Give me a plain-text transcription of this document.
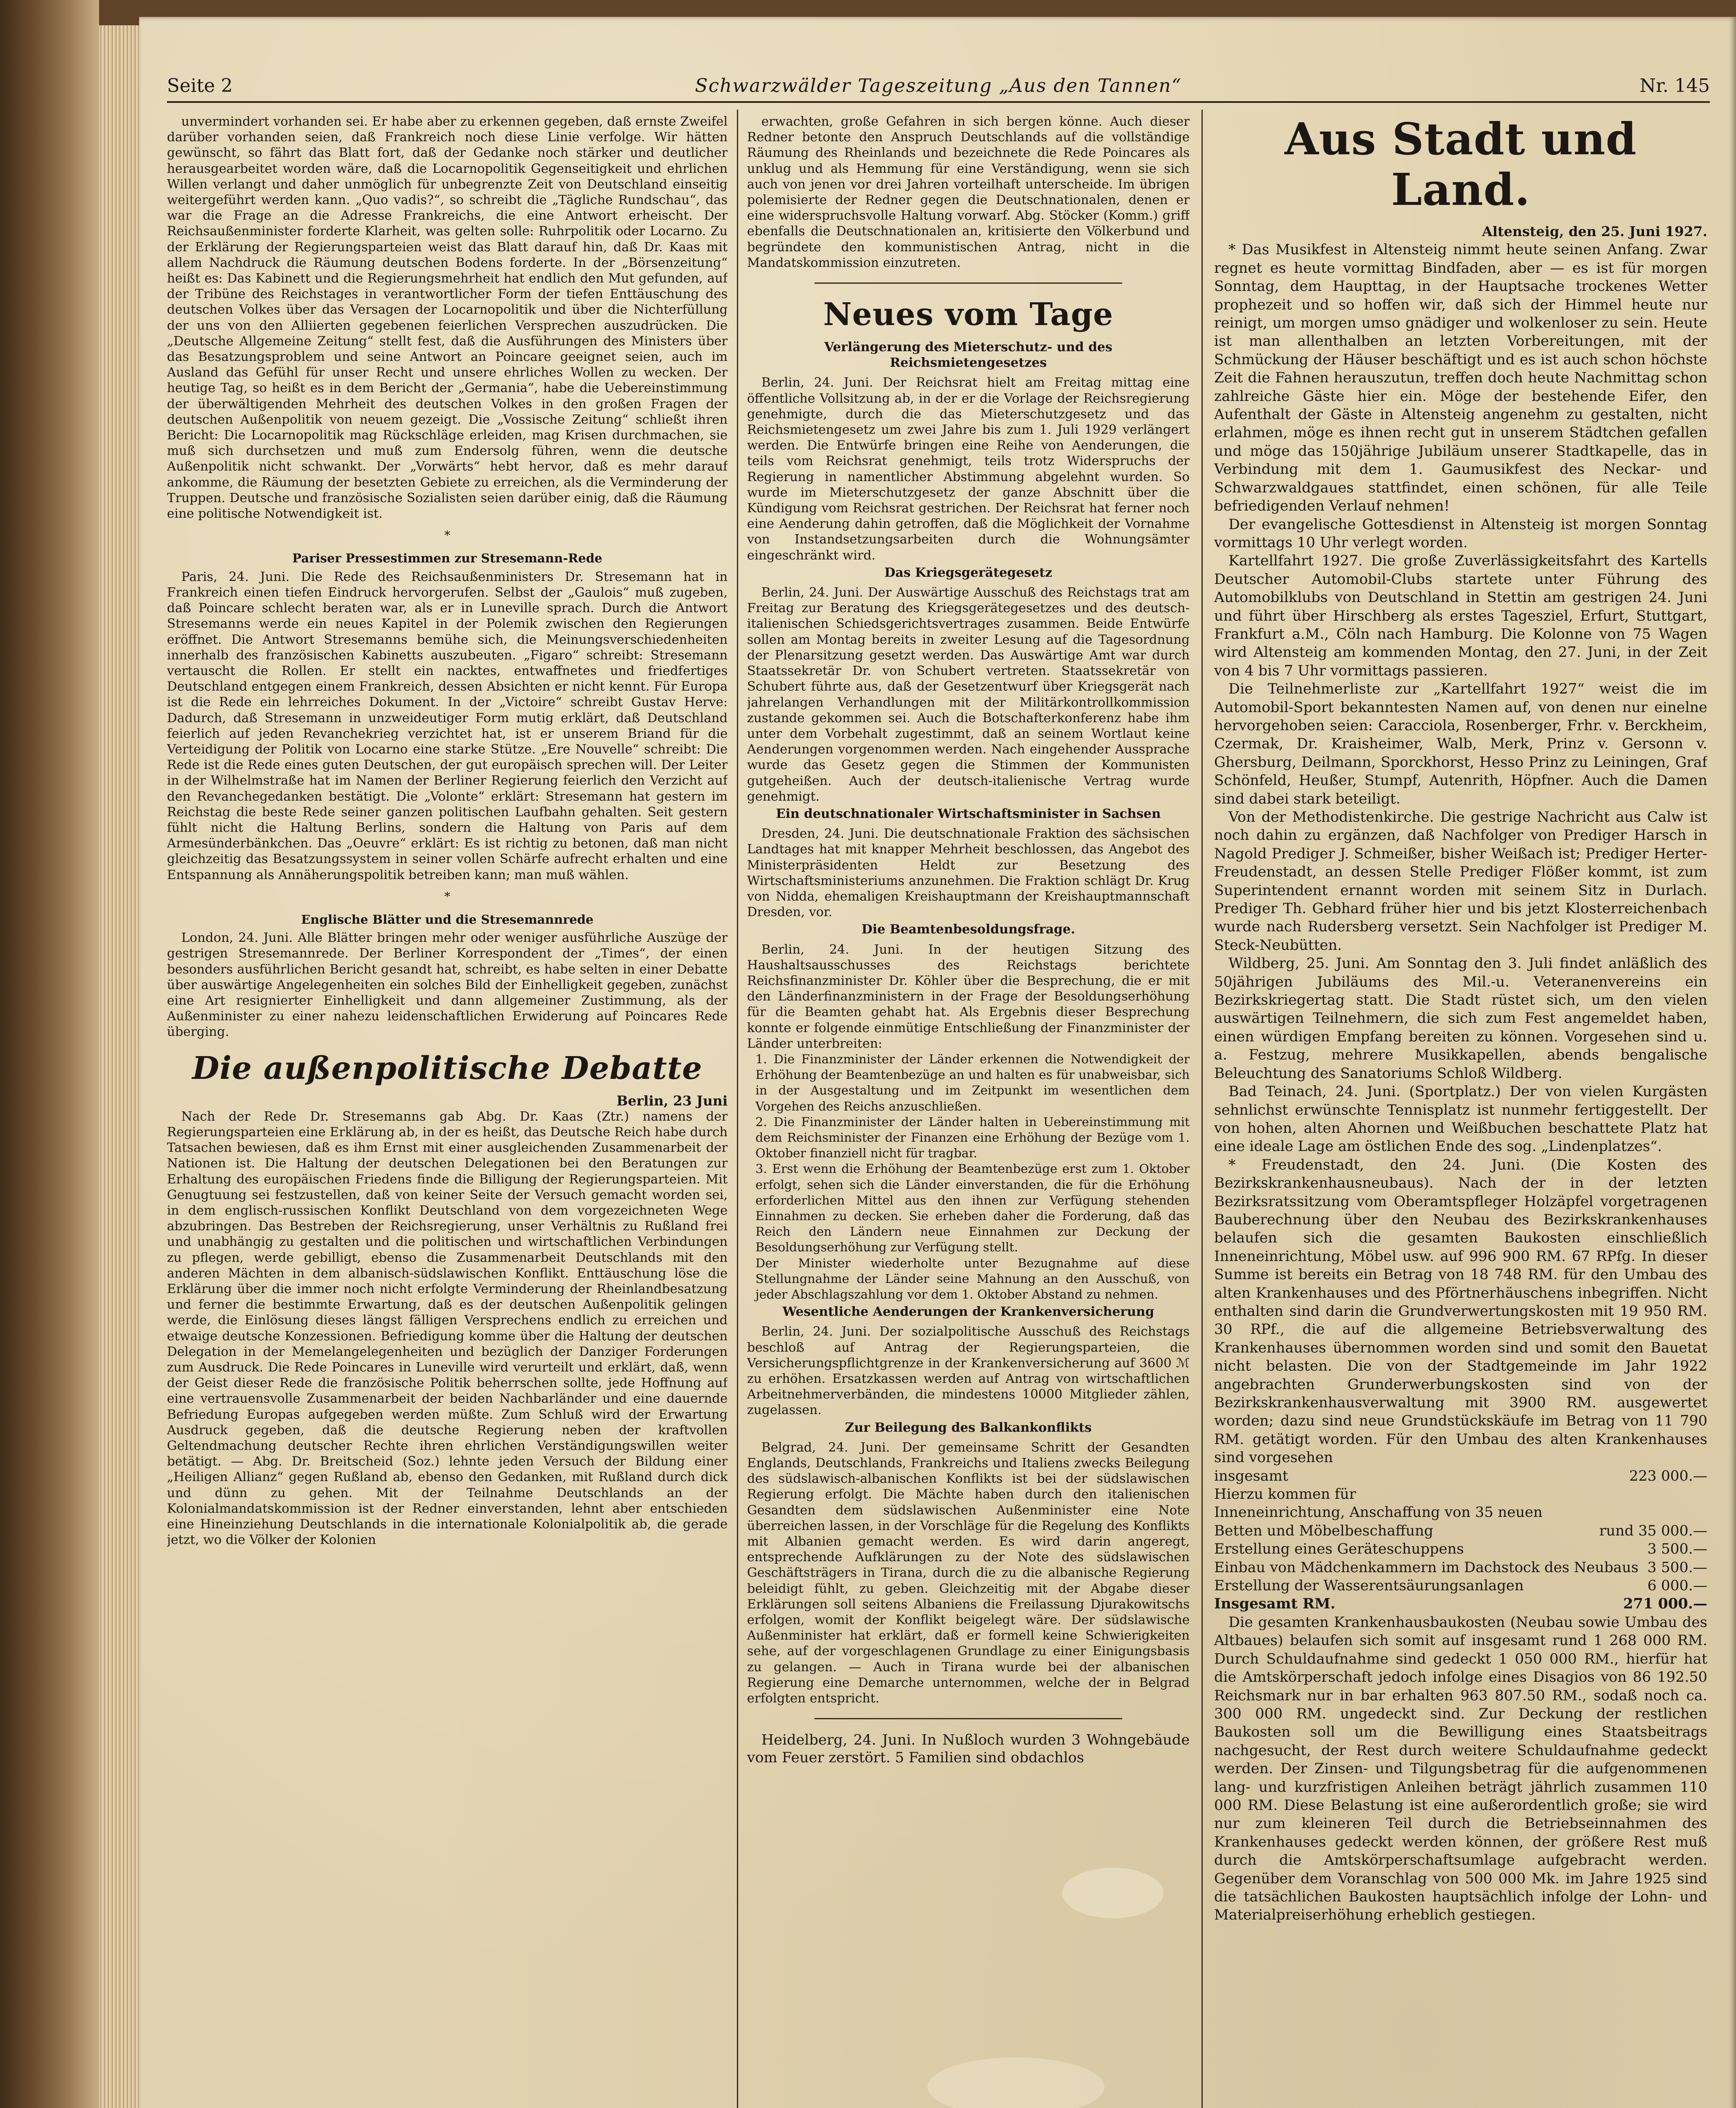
Seite 2	Schwarzwälder Tageszeitung „Aus den Tannen“	Nr. 145

unvermindert vorhanden sei. Er habe aber zu erkennen gegeben, daß ernste Zweifel darüber vorhanden seien, daß Frankreich noch diese Linie verfolge. Wir hätten gewünscht, so fährt das Blatt fort, daß der Gedanke noch stärker und deutlicher herausgearbeitet worden wäre, daß die Locarnopolitik Gegenseitigkeit und ehrlichen Willen verlangt und daher unmöglich für unbegrenzte Zeit von Deutschland einseitig weitergeführt werden kann. „Quo vadis?“, so schreibt die „Tägliche Rundschau“, das war die Frage an die Adresse Frankreichs, die eine Antwort erheischt. Der Reichsaußenminister forderte Klarheit, was gelten solle: Ruhrpolitik oder Locarno. Zu der Erklärung der Regierungsparteien weist das Blatt darauf hin, daß Dr. Kaas mit allem Nachdruck die Räumung deutschen Bodens forderte. In der „Börsenzeitung“ heißt es: Das Kabinett und die Regierungsmehrheit hat endlich den Mut gefunden, auf der Tribüne des Reichstages in verantwortlicher Form der tiefen Enttäuschung des deutschen Volkes über das Versagen der Locarnopolitik und über die Nichterfüllung der uns von den Alliierten gegebenen feierlichen Versprechen auszudrücken. Die „Deutsche Allgemeine Zeitung“ stellt fest, daß die Ausführungen des Ministers über das Besatzungsproblem und seine Antwort an Poincare geeignet seien, auch im Ausland das Gefühl für unser Recht und unsere ehrliches Wollen zu wecken. Der heutige Tag, so heißt es in dem Bericht der „Germania“, habe die Uebereinstimmung der überwältigenden Mehrheit des deutschen Volkes in den großen Fragen der deutschen Außenpolitik von neuem gezeigt. Die „Vossische Zeitung“ schließt ihren Bericht: Die Locarnopolitik mag Rückschläge erleiden, mag Krisen durchmachen, sie muß sich durchsetzen und muß zum Endersolg führen, wenn die deutsche Außenpolitik nicht schwankt. Der „Vorwärts“ hebt hervor, daß es mehr darauf ankomme, die Räumung der besetzten Gebiete zu erreichen, als die Verminderung der Truppen. Deutsche und französische Sozialisten seien darüber einig, daß die Räumung eine politische Notwendigkeit ist.

*
Pariser Pressestimmen zur Stresemann-Rede

Paris, 24. Juni. Die Rede des Reichsaußenministers Dr. Stresemann hat in Frankreich einen tiefen Eindruck hervorgerufen. Selbst der „Gaulois“ muß zugeben, daß Poincare schlecht beraten war, als er in Luneville sprach. Durch die Antwort Stresemanns werde ein neues Kapitel in der Polemik zwischen den Regierungen eröffnet. Die Antwort Stresemanns bemühe sich, die Meinungsverschiedenheiten innerhalb des französischen Kabinetts auszubeuten. „Figaro“ schreibt: Stresemann vertauscht die Rollen. Er stellt ein nacktes, entwaffnetes und friedfertiges Deutschland entgegen einem Frankreich, dessen Absichten er nicht kennt. Für Europa ist die Rede ein lehrreiches Dokument. In der „Victoire“ schreibt Gustav Herve: Dadurch, daß Stresemann in unzweideutiger Form mutig erklärt, daß Deutschland feierlich auf jeden Revanchekrieg verzichtet hat, ist er unserem Briand für die Verteidigung der Politik von Locarno eine starke Stütze. „Ere Nouvelle“ schreibt: Die Rede ist die Rede eines guten Deutschen, der gut europäisch sprechen will. Der Leiter in der Wilhelmstraße hat im Namen der Berliner Regierung feierlich den Verzicht auf den Revanchegedanken bestätigt. Die „Volonte“ erklärt: Stresemann hat gestern im Reichstag die beste Rede seiner ganzen politischen Laufbahn gehalten. Seit gestern fühlt nicht die Haltung Berlins, sondern die Haltung von Paris auf dem Armesünderbänkchen. Das „Oeuvre“ erklärt: Es ist richtig zu betonen, daß man nicht gleichzeitig das Besatzungssystem in seiner vollen Schärfe aufrecht erhalten und eine Entspannung als Annäherungspolitik betreiben kann; man muß wählen.

*
Englische Blätter und die Stresemannrede

London, 24. Juni. Alle Blätter bringen mehr oder weniger ausführliche Auszüge der gestrigen Stresemannrede. Der Berliner Korrespondent der „Times“, der einen besonders ausführlichen Bericht gesandt hat, schreibt, es habe selten in einer Debatte über auswärtige Angelegenheiten ein solches Bild der Einhelligkeit gegeben, zunächst eine Art resignierter Einhelligkeit und dann allgemeiner Zustimmung, als der Außenminister zu einer nahezu leidenschaftlichen Erwiderung auf Poincares Rede überging.

Die außenpolitische Debatte
Berlin, 23 Juni

Nach der Rede Dr. Stresemanns gab Abg. Dr. Kaas (Ztr.) namens der Regierungsparteien eine Erklärung ab, in der es heißt, das Deutsche Reich habe durch Tatsachen bewiesen, daß es ihm Ernst mit einer ausgleichenden Zusammenarbeit der Nationen ist. Die Haltung der deutschen Delegationen bei den Beratungen zur Erhaltung des europäischen Friedens finde die Billigung der Regierungsparteien. Mit Genugtuung sei festzustellen, daß von keiner Seite der Versuch gemacht worden sei, in dem englisch-russischen Konflikt Deutschland von dem vorgezeichneten Wege abzubringen. Das Bestreben der Reichsregierung, unser Verhältnis zu Rußland frei und unabhängig zu gestalten und die politischen und wirtschaftlichen Verbindungen zu pflegen, werde gebilligt, ebenso die Zusammenarbeit Deutschlands mit den anderen Mächten in dem albanisch-südslawischen Konflikt. Enttäuschung löse die Erklärung über die immer noch nicht erfolgte Verminderung der Rheinlandbesatzung und ferner die bestimmte Erwartung, daß es der deutschen Außenpolitik gelingen werde, die Einlösung dieses längst fälligen Versprechens endlich zu erreichen und etwaige deutsche Konzessionen. Befriedigung komme über die Haltung der deutschen Delegation in der Memelangelegenheiten und bezüglich der Danziger Forderungen zum Ausdruck. Die Rede Poincares in Luneville wird verurteilt und erklärt, daß, wenn der Geist dieser Rede die französische Politik beherrschen sollte, jede Hoffnung auf eine vertrauensvolle Zusammenarbeit der beiden Nachbarländer und eine dauernde Befriedung Europas aufgegeben werden müßte. Zum Schluß wird der Erwartung Ausdruck gegeben, daß die deutsche Regierung neben der kraftvollen Geltendmachung deutscher Rechte ihren ehrlichen Verständigungswillen weiter betätigt. — Abg. Dr. Breitscheid (Soz.) lehnte jeden Versuch der Bildung einer „Heiligen Allianz“ gegen Rußland ab, ebenso den Gedanken, mit Rußland durch dick und dünn zu gehen. Mit der Teilnahme Deutschlands an der Kolonialmandatskommission ist der Redner einverstanden, lehnt aber entschieden eine Hineinziehung Deutschlands in die internationale Kolonialpolitik ab, die gerade jetzt, wo die Völker der Kolonien

erwachten, große Gefahren in sich bergen könne. Auch dieser Redner betonte den Anspruch Deutschlands auf die vollständige Räumung des Rheinlands und bezeichnete die Rede Poincares als unklug und als Hemmung für eine Verständigung, wenn sie sich auch von jenen vor drei Jahren vorteilhaft unterscheide. Im übrigen polemisierte der Redner gegen die Deutschnationalen, denen er eine widerspruchsvolle Haltung vorwarf. Abg. Stöcker (Komm.) griff ebenfalls die Deutschnationalen an, kritisierte den Völkerbund und begründete den kommunistischen Antrag, nicht in die Mandatskommission einzutreten.

Neues vom Tage
Verlängerung des Mieterschutz- und des Reichsmietengesetzes

Berlin, 24. Juni. Der Reichsrat hielt am Freitag mittag eine öffentliche Vollsitzung ab, in der er die Vorlage der Reichsregierung genehmigte, durch die das Mieterschutzgesetz und das Reichsmietengesetz um zwei Jahre bis zum 1. Juli 1929 verlängert werden. Die Entwürfe bringen eine Reihe von Aenderungen, die teils vom Reichsrat genehmigt, teils trotz Widerspruchs der Regierung in namentlicher Abstimmung abgelehnt wurden. So wurde im Mieterschutzgesetz der ganze Abschnitt über die Kündigung vom Reichsrat gestrichen. Der Reichsrat hat ferner noch eine Aenderung dahin getroffen, daß die Möglichkeit der Vornahme von Instandsetzungsarbeiten durch die Wohnungsämter eingeschränkt wird.

Das Kriegsgerätegesetz

Berlin, 24. Juni. Der Auswärtige Ausschuß des Reichstags trat am Freitag zur Beratung des Kriegsgerätegesetzes und des deutsch-italienischen Schiedsgerichtsvertrages zusammen. Beide Entwürfe sollen am Montag bereits in zweiter Lesung auf die Tagesordnung der Plenarsitzung gesetzt werden. Das Auswärtige Amt war durch Staatssekretär Dr. von Schubert vertreten. Staatssekretär von Schubert führte aus, daß der Gesetzentwurf über Kriegsgerät nach jahrelangen Verhandlungen mit der Militärkontrollkommission zustande gekommen sei. Auch die Botschafterkonferenz habe ihm unter dem Vorbehalt zugestimmt, daß an seinem Wortlaut keine Aenderungen vorgenommen werden. Nach eingehender Aussprache wurde das Gesetz gegen die Stimmen der Kommunisten gutgeheißen. Auch der deutsch-italienische Vertrag wurde genehmigt.

Ein deutschnationaler Wirtschaftsminister in Sachsen

Dresden, 24. Juni. Die deutschnationale Fraktion des sächsischen Landtages hat mit knapper Mehrheit beschlossen, das Angebot des Ministerpräsidenten Heldt zur Besetzung des Wirtschaftsministeriums anzunehmen. Die Fraktion schlägt Dr. Krug von Nidda, ehemaligen Kreishauptmann der Kreishauptmannschaft Dresden, vor.

Die Beamtenbesoldungsfrage.

Berlin, 24. Juni. In der heutigen Sitzung des Haushaltsausschusses des Reichstags berichtete Reichsfinanzminister Dr. Köhler über die Besprechung, die er mit den Länderfinanzministern in der Frage der Besoldungserhöhung für die Beamten gehabt hat. Als Ergebnis dieser Besprechung konnte er folgende einmütige Entschließung der Finanzminister der Länder unterbreiten:

1. Die Finanzminister der Länder erkennen die Notwendigkeit der Erhöhung der Beamtenbezüge an und halten es für unabweisbar, sich in der Ausgestaltung und im Zeitpunkt im wesentlichen dem Vorgehen des Reichs anzuschließen.

2. Die Finanzminister der Länder halten in Uebereinstimmung mit dem Reichsminister der Finanzen eine Erhöhung der Bezüge vom 1. Oktober finanziell nicht für tragbar.

3. Erst wenn die Erhöhung der Beamtenbezüge erst zum 1. Oktober erfolgt, sehen sich die Länder einverstanden, die für die Erhöhung erforderlichen Mittel aus den ihnen zur Verfügung stehenden Einnahmen zu decken. Sie erheben daher die Forderung, daß das Reich den Ländern neue Einnahmen zur Deckung der Besoldungserhöhung zur Verfügung stellt.

Der Minister wiederholte unter Bezugnahme auf diese Stellungnahme der Länder seine Mahnung an den Ausschuß, von jeder Abschlagszahlung vor dem 1. Oktober Abstand zu nehmen.

Wesentliche Aenderungen der Krankenversicherung

Berlin, 24. Juni. Der sozialpolitische Ausschuß des Reichstags beschloß auf Antrag der Regierungsparteien, die Versicherungspflichtgrenze in der Krankenversicherung auf 3600 ℳ zu erhöhen. Ersatzkassen werden auf Antrag von wirtschaftlichen Arbeitnehmerverbänden, die mindestens 10000 Mitglieder zählen, zugelassen.

Zur Beilegung des Balkankonflikts

Belgrad, 24. Juni. Der gemeinsame Schritt der Gesandten Englands, Deutschlands, Frankreichs und Italiens zwecks Beilegung des südslawisch-albanischen Konflikts ist bei der südslawischen Regierung erfolgt. Die Mächte haben durch den italienischen Gesandten dem südslawischen Außenminister eine Note überreichen lassen, in der Vorschläge für die Regelung des Konflikts mit Albanien gemacht werden. Es wird darin angeregt, entsprechende Aufklärungen zu der Note des südslawischen Geschäftsträgers in Tirana, durch die zu die albanische Regierung beleidigt fühlt, zu geben. Gleichzeitig mit der Abgabe dieser Erklärungen soll seitens Albaniens die Freilassung Djurakowitschs erfolgen, womit der Konflikt beigelegt wäre. Der südslawische Außenminister hat erklärt, daß er formell keine Schwierigkeiten sehe, auf der vorgeschlagenen Grundlage zu einer Einigungsbasis zu gelangen. — Auch in Tirana wurde bei der albanischen Regierung eine Demarche unternommen, welche der in Belgrad erfolgten entspricht.

Heidelberg, 24. Juni. In Nußloch wurden 3 Wohngebäude vom Feuer zerstört. 5 Familien sind obdachlos

Aus Stadt und Land.
Altensteig, den 25. Juni 1927.

* Das Musikfest in Altensteig nimmt heute seinen Anfang. Zwar regnet es heute vormittag Bindfaden, aber — es ist für morgen Sonntag, dem Haupttag, in der Hauptsache trockenes Wetter prophezeit und so hoffen wir, daß sich der Himmel heute nur reinigt, um morgen umso gnädiger und wolkenloser zu sein. Heute ist man allenthalben an letzten Vorbereitungen, mit der Schmückung der Häuser beschäftigt und es ist auch schon höchste Zeit die Fahnen herauszutun, treffen doch heute Nachmittag schon zahlreiche Gäste hier ein. Möge der bestehende Eifer, den Aufenthalt der Gäste in Altensteig angenehm zu gestalten, nicht erlahmen, möge es ihnen recht gut in unserem Städtchen gefallen und möge das 150jährige Jubiläum unserer Stadtkapelle, das in Verbindung mit dem 1. Gaumusikfest des Neckar- und Schwarzwaldgaues stattfindet, einen schönen, für alle Teile befriedigenden Verlauf nehmen!

Der evangelische Gottesdienst in Altensteig ist morgen Sonntag vormittags 10 Uhr verlegt worden.

Kartellfahrt 1927. Die große Zuverlässigkeitsfahrt des Kartells Deutscher Automobil-Clubs startete unter Führung des Automobilklubs von Deutschland in Stettin am gestrigen 24. Juni und führt über Hirschberg als erstes Tagesziel, Erfurt, Stuttgart, Frankfurt a.M., Cöln nach Hamburg. Die Kolonne von 75 Wagen wird Altensteig am kommenden Montag, den 27. Juni, in der Zeit von 4 bis 7 Uhr vormittags passieren.

Die Teilnehmerliste zur „Kartellfahrt 1927“ weist die im Automobil-Sport bekanntesten Namen auf, von denen nur einelne hervorgehoben seien: Caracciola, Rosenberger, Frhr. v. Berckheim, Czermak, Dr. Kraisheimer, Walb, Merk, Prinz v. Gersonn v. Ghersburg, Deilmann, Sporckhorst, Hesso Prinz zu Leiningen, Graf Schönfeld, Heußer, Stumpf, Autenrith, Höpfner. Auch die Damen sind dabei stark beteiligt.

Von der Methodistenkirche. Die gestrige Nachricht aus Calw ist noch dahin zu ergänzen, daß Nachfolger von Prediger Harsch in Nagold Prediger J. Schmeißer, bisher Weißach ist; Prediger Herter-Freudenstadt, an dessen Stelle Prediger Flößer kommt, ist zum Superintendent ernannt worden mit seinem Sitz in Durlach. Prediger Th. Gebhard früher hier und bis jetzt Klosterreichenbach wurde nach Rudersberg versetzt. Sein Nachfolger ist Prediger M. Steck-Neubütten.

Wildberg, 25. Juni. Am Sonntag den 3. Juli findet anläßlich des 50jährigen Jubiläums des Mil.-u. Veteranenvereins ein Bezirkskriegertag statt. Die Stadt rüstet sich, um den vielen auswärtigen Teilnehmern, die sich zum Fest angemeldet haben, einen würdigen Empfang bereiten zu können. Vorgesehen sind u. a. Festzug, mehrere Musikkapellen, abends bengalische Beleuchtung des Sanatoriums Schloß Wildberg.

Bad Teinach, 24. Juni. (Sportplatz.) Der von vielen Kurgästen sehnlichst erwünschte Tennisplatz ist nunmehr fertiggestellt. Der von hohen, alten Ahornen und Weißbuchen beschattete Platz hat eine ideale Lage am östlichen Ende des sog. „Lindenplatzes“.

* Freudenstadt, den 24. Juni. (Die Kosten des Bezirkskrankenhausneubaus). Nach der in der letzten Bezirksratssitzung vom Oberamtspfleger Holzäpfel vorgetragenen Bauberechnung über den Neubau des Bezirkskrankenhauses belaufen sich die gesamten Baukosten einschließlich Inneneinrichtung, Möbel usw. auf 996 900 RM. 67 RPfg. In dieser Summe ist bereits ein Betrag von 18 748 RM. für den Umbau des alten Krankenhauses und des Pförtnerhäuschens inbegriffen. Nicht enthalten sind darin die Grundverwertungskosten mit 19 950 RM. 30 RPf., die auf die allgemeine Betriebsverwaltung des Krankenhauses übernommen worden sind und somit den Bauetat nicht belasten. Die von der Stadtgemeinde im Jahr 1922 angebrachten Grunderwerbungskosten sind von der Bezirkskrankenhausverwaltung mit 3900 RM. ausgewertet worden; dazu sind neue Grundstückskäufe im Betrag von 11 790 RM. getätigt worden. Für den Umbau des alten Krankenhauses sind vorgesehen

insgesamt	223 000.—

Hierzu kommen für

Inneneinrichtung, Anschaffung von 35 neuen

Betten und Möbelbeschaffung	rund 35 000.—

Erstellung eines Geräteschuppens	3 500.—

Einbau von Mädchenkammern im Dachstock des Neubaus 3 500.—

Erstellung der Wasserentsäurungsanlagen	6 000.—

Insgesamt RM.	271 000.—

Die gesamten Krankenhausbaukosten (Neubau sowie Umbau des Altbaues) belaufen sich somit auf insgesamt rund 1 268 000 RM. Durch Schuldaufnahme sind gedeckt 1 050 000 RM., hierfür hat die Amtskörperschaft jedoch infolge eines Disagios von 86 192.50 Reichsmark nur in bar erhalten 963 807.50 RM., sodaß noch ca. 300 000 RM. ungedeckt sind. Zur Deckung der restlichen Baukosten soll um die Bewilligung eines Staatsbeitrags nachgesucht, der Rest durch weitere Schuldaufnahme gedeckt werden. Der Zinsen- und Tilgungsbetrag für die aufgenommenen lang- und kurzfristigen Anleihen beträgt jährlich zusammen 110 000 RM. Diese Belastung ist eine außerordentlich große; sie wird nur zum kleineren Teil durch die Betriebseinnahmen des Krankenhauses gedeckt werden können, der größere Rest muß durch die Amtskörperschaftsumlage aufgebracht werden. Gegenüber dem Voranschlag von 500 000 Mk. im Jahre 1925 sind die tatsächlichen Baukosten hauptsächlich infolge der Lohn- und Materialpreiserhöhung erheblich gestiegen.
